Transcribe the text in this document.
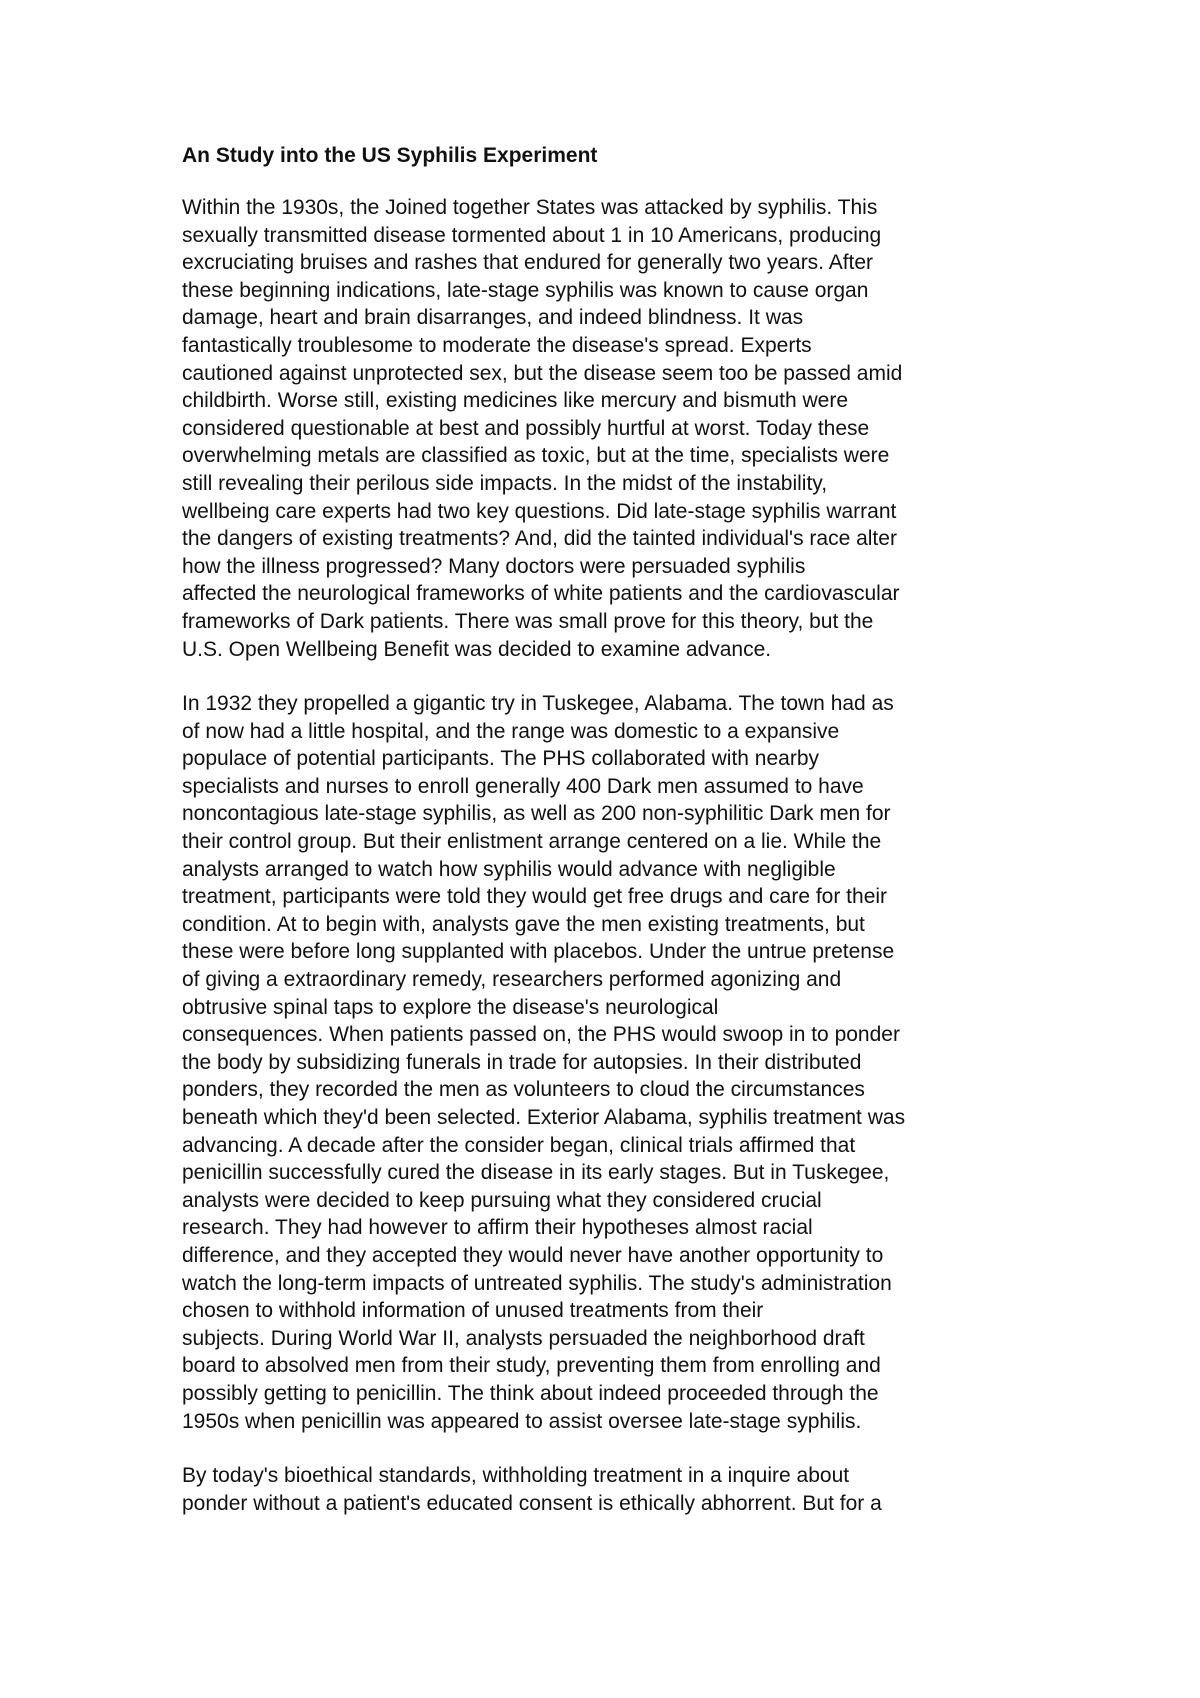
An Study into the US Syphilis Experiment

Within the 1930s, the Joined together States was attacked by syphilis. This
sexually transmitted disease tormented about 1 in 10 Americans, producing
excruciating bruises and rashes that endured for generally two years. After
these beginning indications, late-stage syphilis was known to cause organ
damage, heart and brain disarranges, and indeed blindness. It was
fantastically troublesome to moderate the disease's spread. Experts
cautioned against unprotected sex, but the disease seem too be passed amid
childbirth. Worse still, existing medicines like mercury and bismuth were
considered questionable at best and possibly hurtful at worst. Today these
overwhelming metals are classified as toxic, but at the time, specialists were
still revealing their perilous side impacts. In the midst of the instability,
wellbeing care experts had two key questions. Did late-stage syphilis warrant
the dangers of existing treatments? And, did the tainted individual's race alter
how the illness progressed? Many doctors were persuaded syphilis
affected the neurological frameworks of white patients and the cardiovascular
frameworks of Dark patients. There was small prove for this theory, but the
U.S. Open Wellbeing Benefit was decided to examine advance.

In 1932 they propelled a gigantic try in Tuskegee, Alabama. The town had as
of now had a little hospital, and the range was domestic to a expansive
populace of potential participants. The PHS collaborated with nearby
specialists and nurses to enroll generally 400 Dark men assumed to have
noncontagious late-stage syphilis, as well as 200 non-syphilitic Dark men for
their control group. But their enlistment arrange centered on a lie. While the
analysts arranged to watch how syphilis would advance with negligible
treatment, participants were told they would get free drugs and care for their
condition. At to begin with, analysts gave the men existing treatments, but
these were before long supplanted with placebos. Under the untrue pretense
of giving a extraordinary remedy, researchers performed agonizing and
obtrusive spinal taps to explore the disease's neurological
consequences. When patients passed on, the PHS would swoop in to ponder
the body by subsidizing funerals in trade for autopsies. In their distributed
ponders, they recorded the men as volunteers to cloud the circumstances
beneath which they'd been selected. Exterior Alabama, syphilis treatment was
advancing. A decade after the consider began, clinical trials affirmed that
penicillin successfully cured the disease in its early stages. But in Tuskegee,
analysts were decided to keep pursuing what they considered crucial
research. They had however to affirm their hypotheses almost racial
difference, and they accepted they would never have another opportunity to
watch the long-term impacts of untreated syphilis. The study's administration
chosen to withhold information of unused treatments from their
subjects. During World War II, analysts persuaded the neighborhood draft
board to absolved men from their study, preventing them from enrolling and
possibly getting to penicillin. The think about indeed proceeded through the
1950s when penicillin was appeared to assist oversee late-stage syphilis.

By today's bioethical standards, withholding treatment in a inquire about
ponder without a patient's educated consent is ethically abhorrent. But for a
